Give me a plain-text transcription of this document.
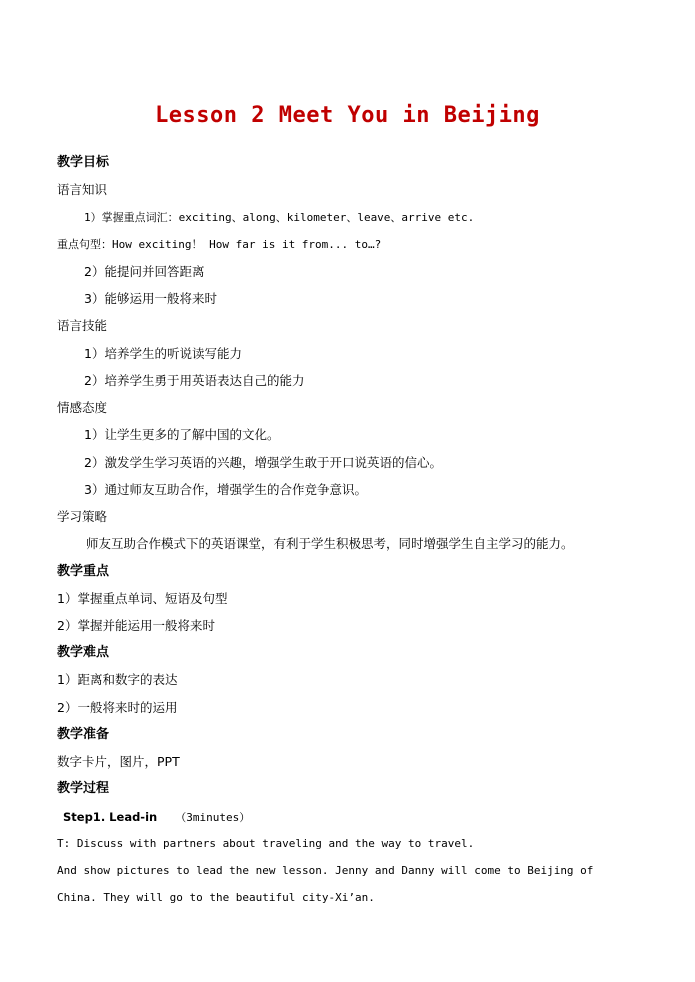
Lesson 2 Meet You in Beijing
教学目标
语言知识
1）掌握重点词汇：exciting、along、kilometer、leave、arrive etc.
重点句型：How exciting！ How far is it from... to…?
2）能提问并回答距离
3）能够运用一般将来时
语言技能
1）培养学生的听说读写能力
2）培养学生勇于用英语表达自己的能力
情感态度
1）让学生更多的了解中国的文化。
2）激发学生学习英语的兴趣，增强学生敢于开口说英语的信心。
3）通过师友互助合作，增强学生的合作竞争意识。
学习策略
师友互助合作模式下的英语课堂，有利于学生积极思考，同时增强学生自主学习的能力。
教学重点
1）掌握重点单词、短语及句型
2）掌握并能运用一般将来时
教学难点
1）距离和数字的表达
2）一般将来时的运用
教学准备
数字卡片，图片，PPT
教学过程
Step1. Lead-in （3minutes）
T: Discuss with partners about traveling and the way to travel.
And show pictures to lead the new lesson. Jenny and Danny will come to Beijing of
China. They will go to the beautiful city-Xi’an.
